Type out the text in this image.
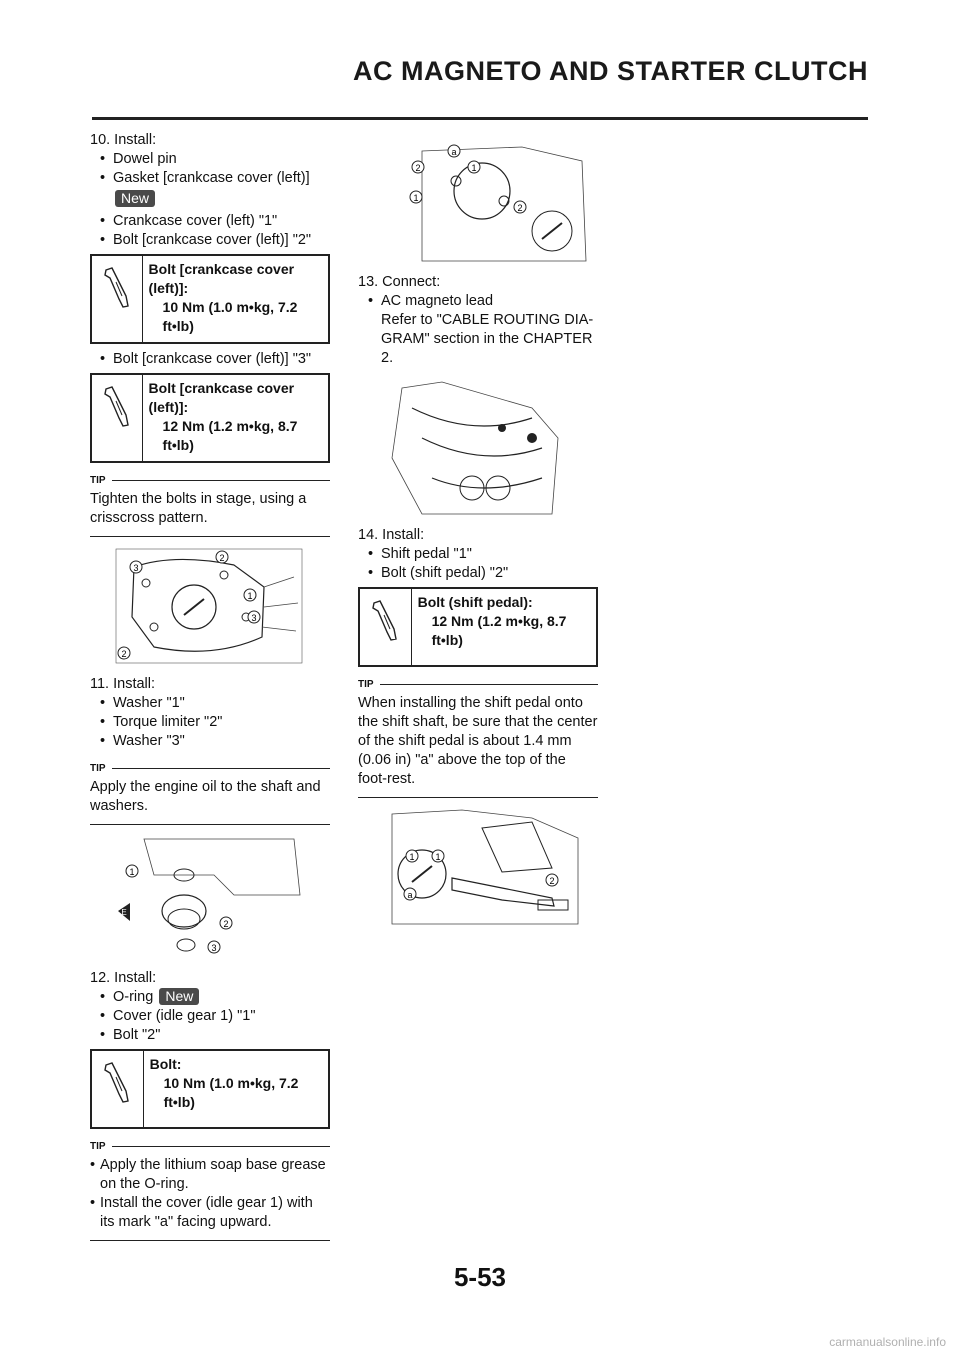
AC MAGNETO AND STARTER CLUTCH

10. Install:

• Dowel pin
• Gasket [crankcase cover (left)]
New
• Crankcase cover (left) "1"
• Bolt [crankcase cover (left)] "2"
Bolt [crankcase cover (left)]:
10 Nm (1.0 m•kg, 7.2 ft•lb)
• Bolt [crankcase cover (left)] "3"
Bolt [crankcase cover (left)]:
12 Nm (1.2 m•kg, 8.7 ft•lb)
TIP

Tighten the bolts in stage, using a crisscross pattern.

3
2
1
3
2

11. Install:

• Washer "1"
• Torque limiter "2"
• Washer "3"
TIP

Apply the engine oil to the shaft and washers.

1
E
2
3

12. Install:

• O-ring New
• Cover (idle gear 1) "1"
• Bolt "2"
Bolt:
10 Nm (1.0 m•kg, 7.2 ft•lb)
TIP
• Apply the lithium soap base grease on the O-ring.
• Install the cover (idle gear 1) with its mark "a" facing upward.
a
2
1
1
2

13. Connect:

• AC magneto lead

Refer to "CABLE ROUTING DIA-GRAM" section in the CHAPTER 2.

14. Install:

• Shift pedal "1"
• Bolt (shift pedal) "2"
Bolt (shift pedal):
12 Nm (1.2 m•kg, 8.7 ft•lb)
TIP

When installing the shift pedal onto the shift shaft, be sure that the center of the shift pedal is about 1.4 mm (0.06 in) "a" above the top of the foot-rest.

1 1
a
2
5-53
carmanualsonline.info
